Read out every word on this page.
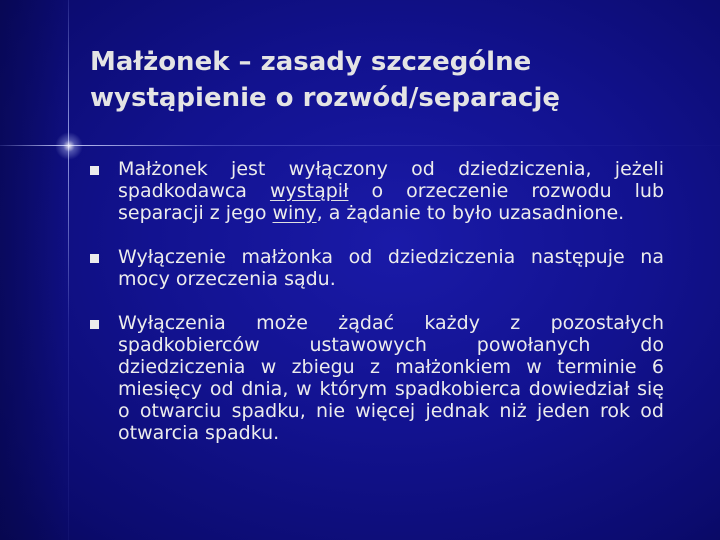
Małżonek – zasady szczególne
wystąpienie o rozwód/separację
Małżonek jest wyłączony od dziedziczenia, jeżeli spadkodawca wystąpił o orzeczenie rozwodu lub separacji z jego winy, a żądanie to było uzasadnione.
Wyłączenie małżonka od dziedziczenia następuje na mocy orzeczenia sądu.
Wyłączenia może żądać każdy z pozostałych spadkobierców ustawowych powołanych do dziedziczenia w zbiegu z małżonkiem w terminie 6 miesięcy od dnia, w którym spadkobierca dowiedział się o otwarciu spadku, nie więcej jednak niż jeden rok od otwarcia spadku.
